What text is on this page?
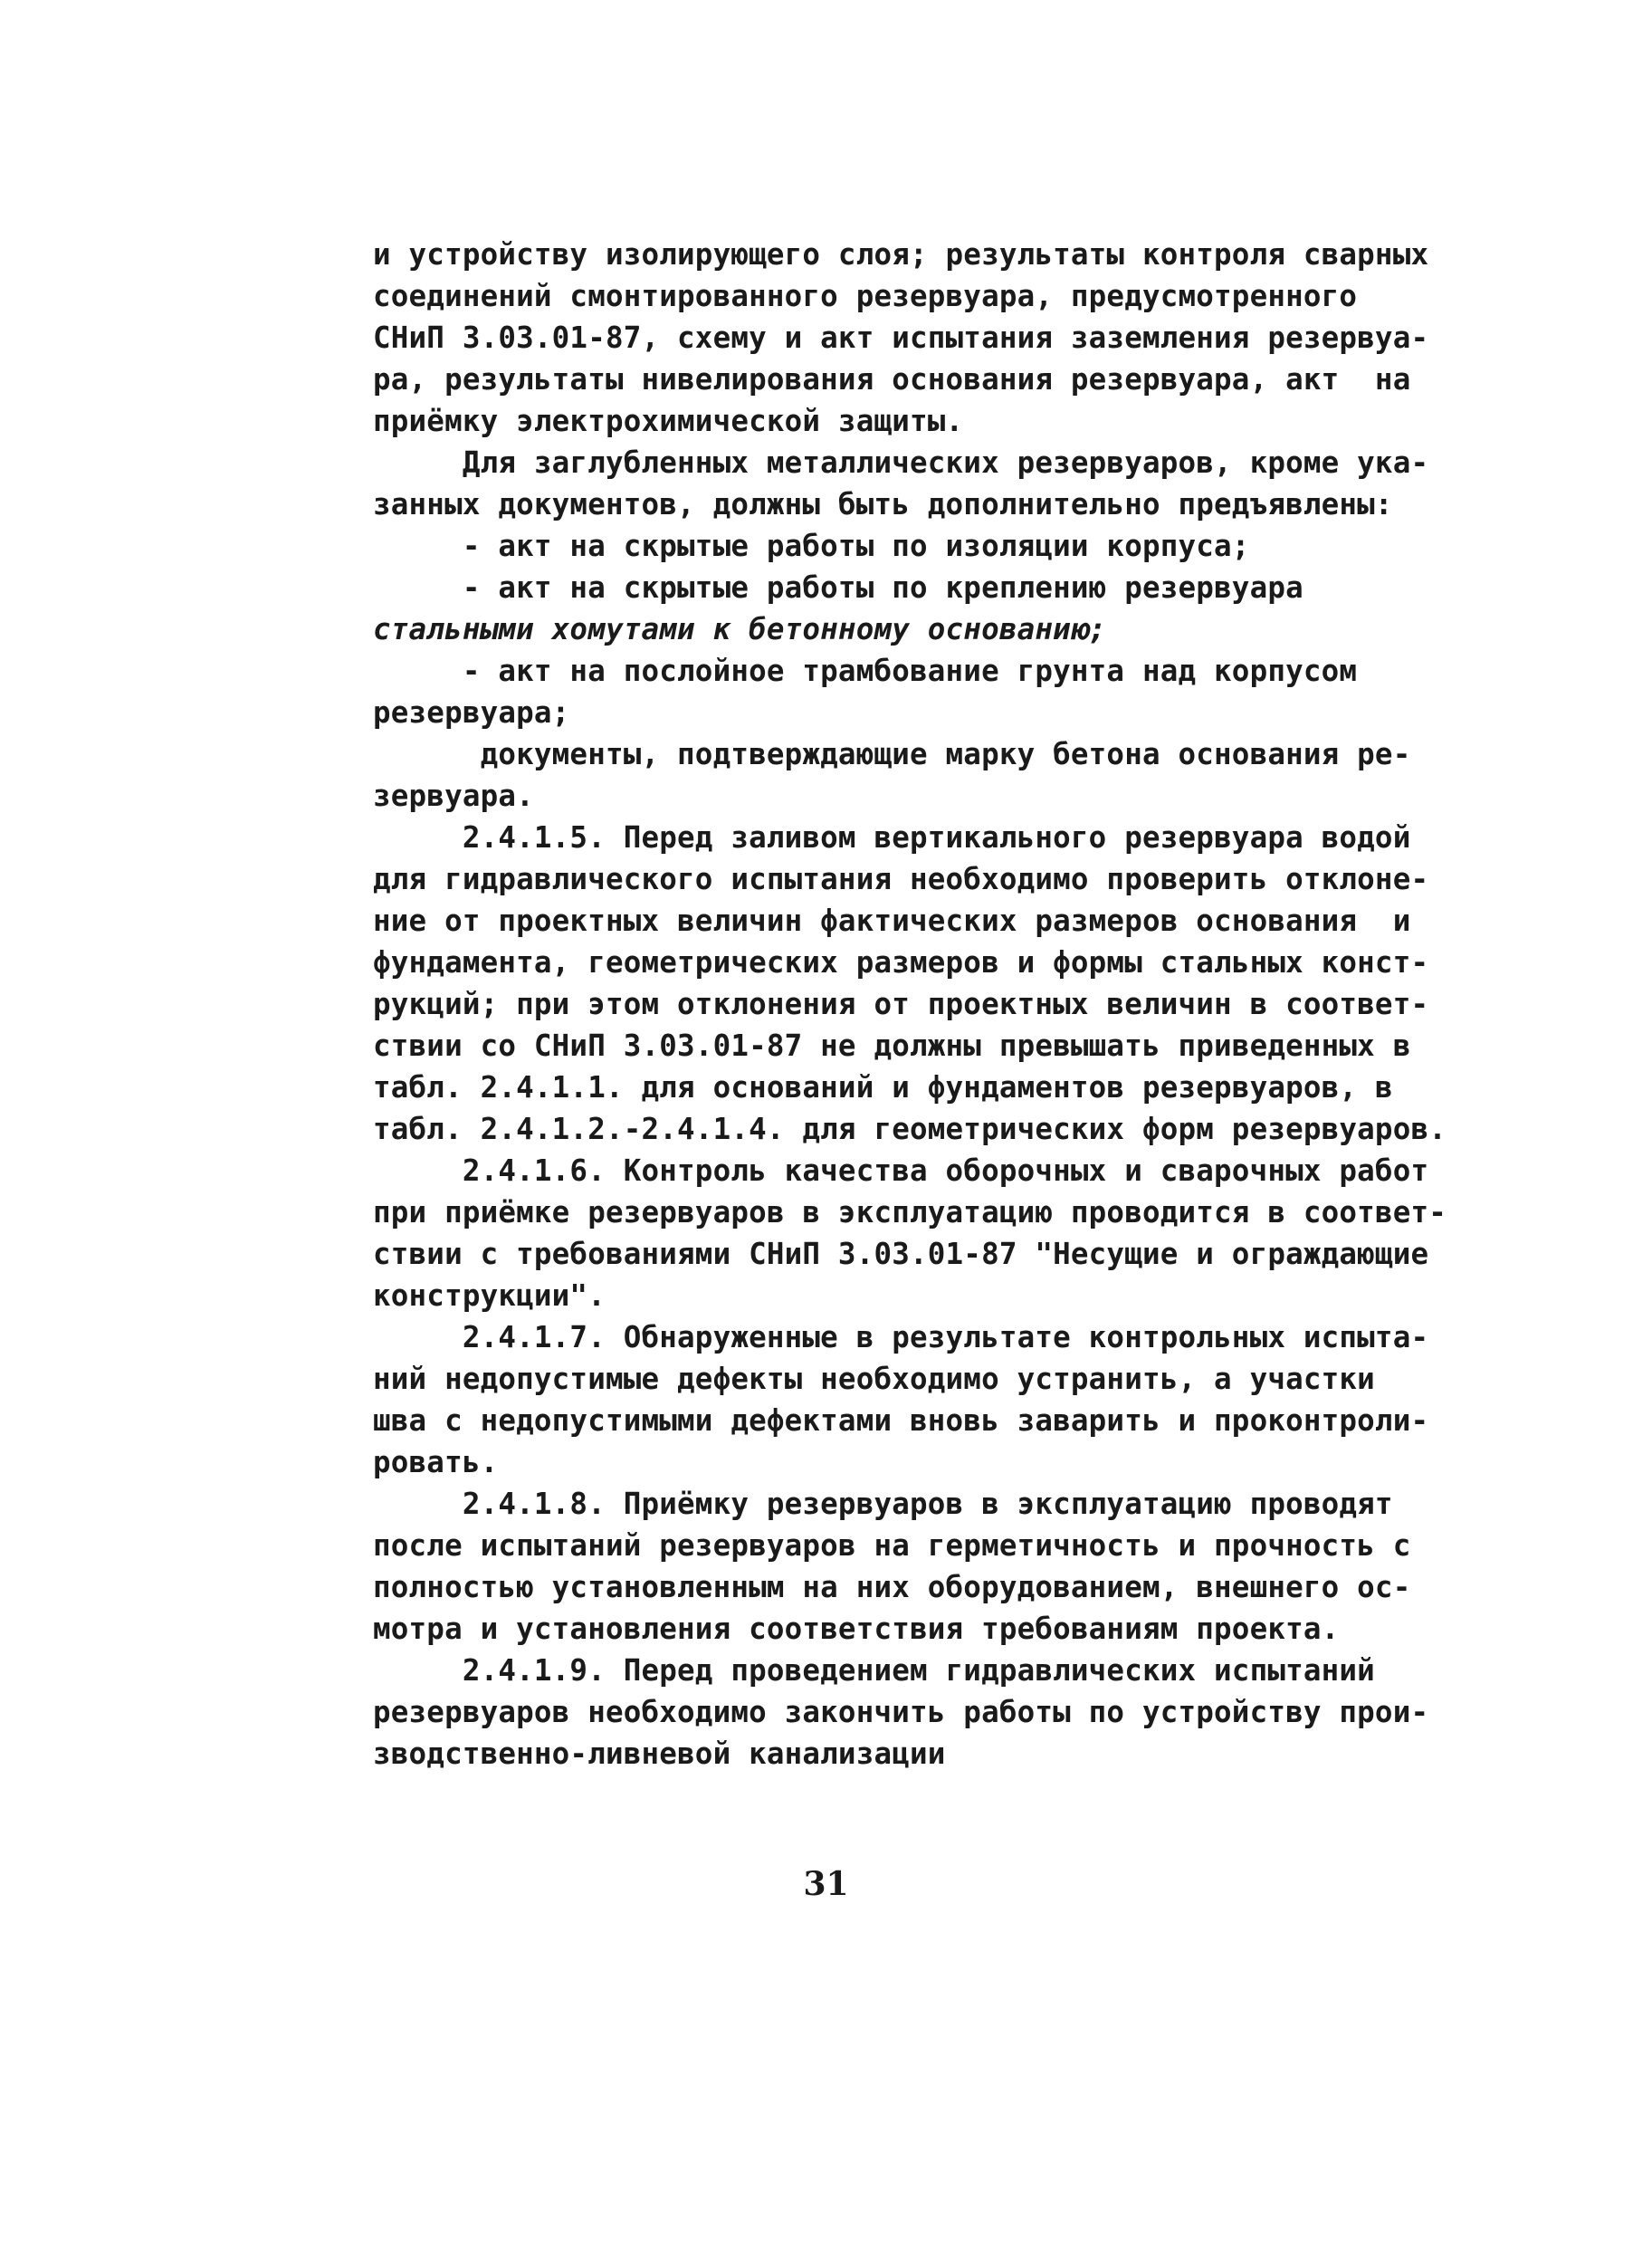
и устройству изолирующего слоя; результаты контроля сварных
соединений смонтированного резервуара, предусмотренного
СНиП 3.03.01-87, схему и акт испытания заземления резервуа-
ра, результаты нивелирования основания резервуара, акт  на
приёмку электрохимической защиты.
Для заглубленных металлических резервуаров, кроме ука-
занных документов, должны быть дополнительно предъявлены:
- акт на скрытые работы по изоляции корпуса;
- акт на скрытые работы по креплению резервуара
стальными хомутами к бетонному основанию;
- акт на послойное трамбование грунта над корпусом
резервуара;
документы, подтверждающие марку бетона основания ре-
зервуара.
2.4.1.5. Перед заливом вертикального резервуара водой
для гидравлического испытания необходимо проверить отклоне-
ние от проектных величин фактических размеров основания  и
фундамента, геометрических размеров и формы стальных конст-
рукций; при этом отклонения от проектных величин в соответ-
ствии со СНиП 3.03.01-87 не должны превышать приведенных в
табл. 2.4.1.1. для оснований и фундаментов резервуаров, в
табл. 2.4.1.2.-2.4.1.4. для геометрических форм резервуаров.
2.4.1.6. Контроль качества оборочных и сварочных работ
при приёмке резервуаров в эксплуатацию проводится в соответ-
ствии с требованиями СНиП 3.03.01-87 "Несущие и ограждающие
конструкции".
2.4.1.7. Обнаруженные в результате контрольных испыта-
ний недопустимые дефекты необходимо устранить, а участки
шва с недопустимыми дефектами вновь заварить и проконтроли-
ровать.
2.4.1.8. Приёмку резервуаров в эксплуатацию проводят
после испытаний резервуаров на герметичность и прочность с
полностью установленным на них оборудованием, внешнего ос-
мотра и установления соответствия требованиям проекта.
2.4.1.9. Перед проведением гидравлических испытаний
резервуаров необходимо закончить работы по устройству прои-
зводственно-ливневой канализации
31
